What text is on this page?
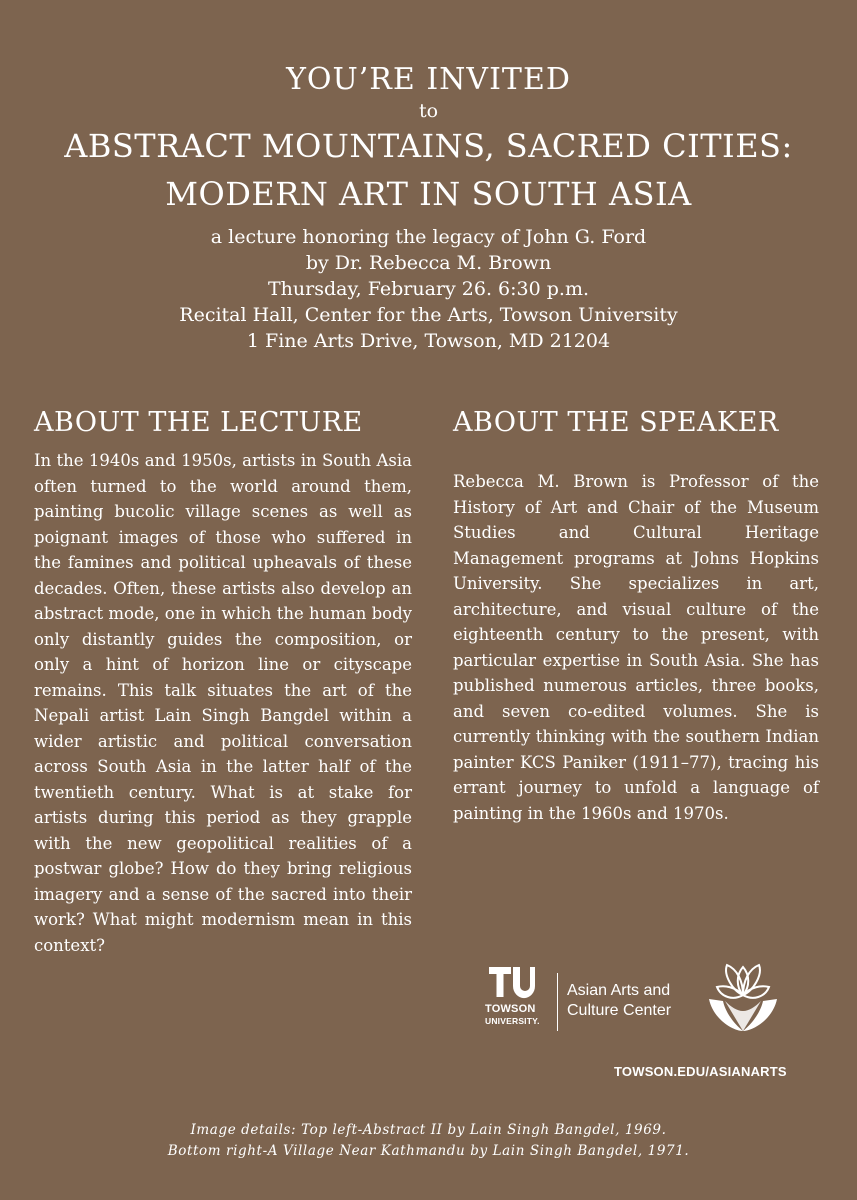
YOU’RE INVITED
to
ABSTRACT MOUNTAINS, SACRED CITIES:
MODERN ART IN SOUTH ASIA
a lecture honoring the legacy of John G. Ford
by Dr. Rebecca M. Brown
Thursday, February 26. 6:30 p.m.
Recital Hall, Center for the Arts, Towson University
1 Fine Arts Drive, Towson, MD 21204
ABOUT THE LECTURE

In the 1940s and 1950s, artists in South Asia often turned to the world around them, painting bucolic village scenes as well as poignant images of those who suffered in the famines and political upheavals of these decades. Often, these artists also develop an abstract mode, one in which the human body only distantly guides the composition, or only a hint of horizon line or cityscape remains. This talk situates the art of the Nepali artist Lain Singh Bangdel within a wider artistic and political conversation across South Asia in the latter half of the twentieth century. What is at stake for artists during this period as they grapple with the new geopolitical realities of a postwar globe? How do they bring religious imagery and a sense of the sacred into their work? What might modernism mean in this context?

ABOUT THE SPEAKER

Rebecca M. Brown is Professor of the History of Art and Chair of the Museum Studies and Cultural Heritage Management programs at Johns Hopkins University. She specializes in art, architecture, and visual culture of the eighteenth century to the present, with particular expertise in South Asia. She has published numerous articles, three books, and seven co-edited volumes. She is currently thinking with the southern Indian painter KCS Paniker (1911–77), tracing his errant journey to unfold a language of painting in the 1960s and 1970s.

TOWSON
UNIVERSITY.
Asian Arts and
Culture Center
TOWSON.EDU/ASIANARTS
Image details: Top left-Abstract II by Lain Singh Bangdel, 1969.
Bottom right-A Village Near Kathmandu by Lain Singh Bangdel, 1971.
